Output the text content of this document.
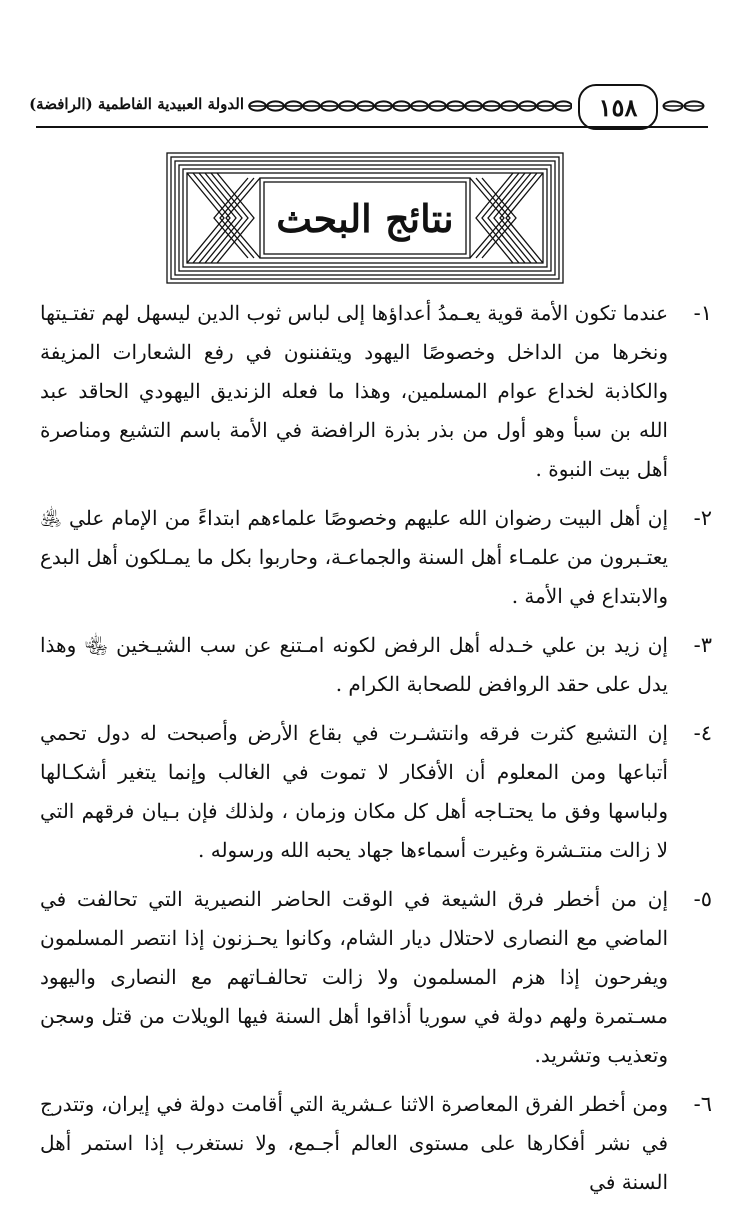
١٥٨
الدولة العبيدية الفاطمية (الرافضة)
نتائج البحث
١-
عندما تكون الأمة قوية يعـمدُ أعداؤها إلى لباس ثوب الدين ليسهل لهم تفتـيتها ونخرها من الداخل وخصوصًا اليهود ويتفننون في رفع الشعارات المزيفة والكاذبة لخداع عوام المسلمين، وهذا ما فعله الزنديق اليهودي الحاقد عبد الله بن سبأ وهو أول من بذر بذرة الرافضة في الأمة باسم التشيع ومناصرة أهل بيت النبوة .
٢-
إن أهل البيت رضوان الله عليهم وخصوصًا علماءهم ابتداءً من الإمام علي ﵁ يعتـبرون من علمـاء أهل السنة والجماعـة، وحاربوا بكل ما يمـلكون أهل البدع والابتداع في الأمة .
٣-
إن زيد بن علي خـدله أهل الرفض لكونه امـتنع عن سب الشيـخين ﵄ وهذا يدل على حقد الروافض للصحابة الكرام .
٤-
إن التشيع كثرت فرقه وانتشـرت في بقاع الأرض وأصبحت له دول تحمي أتباعها ومن المعلوم أن الأفكار لا تموت في الغالب وإنما يتغير أشكـالها ولباسها وفق ما يحتـاجه أهل كل مكان وزمان ، ولذلك فإن بـيان فرقهم التي لا زالت منتـشرة وغيرت أسماءها جهاد يحبه الله ورسوله .
٥-
إن من أخطر فرق الشيعة في الوقت الحاضر النصيرية التي تحالفت في الماضي مع النصارى لاحتلال ديار الشام، وكانوا يحـزنون إذا انتصر المسلمون ويفرحون إذا هزم المسلمون ولا زالت تحالفـاتهم مع النصارى واليهود مسـتمرة ولهم دولة في سوريا أذاقوا أهل السنة فيها الويلات من قتل وسجن وتعذيب وتشريد.
٦-
ومن أخطر الفرق المعاصرة الاثنا عـشرية التي أقامت دولة في إيران، وتتدرج في نشر أفكارها على مستوى العالم أجـمع، ولا نستغرب إذا استمر أهل السنة في
